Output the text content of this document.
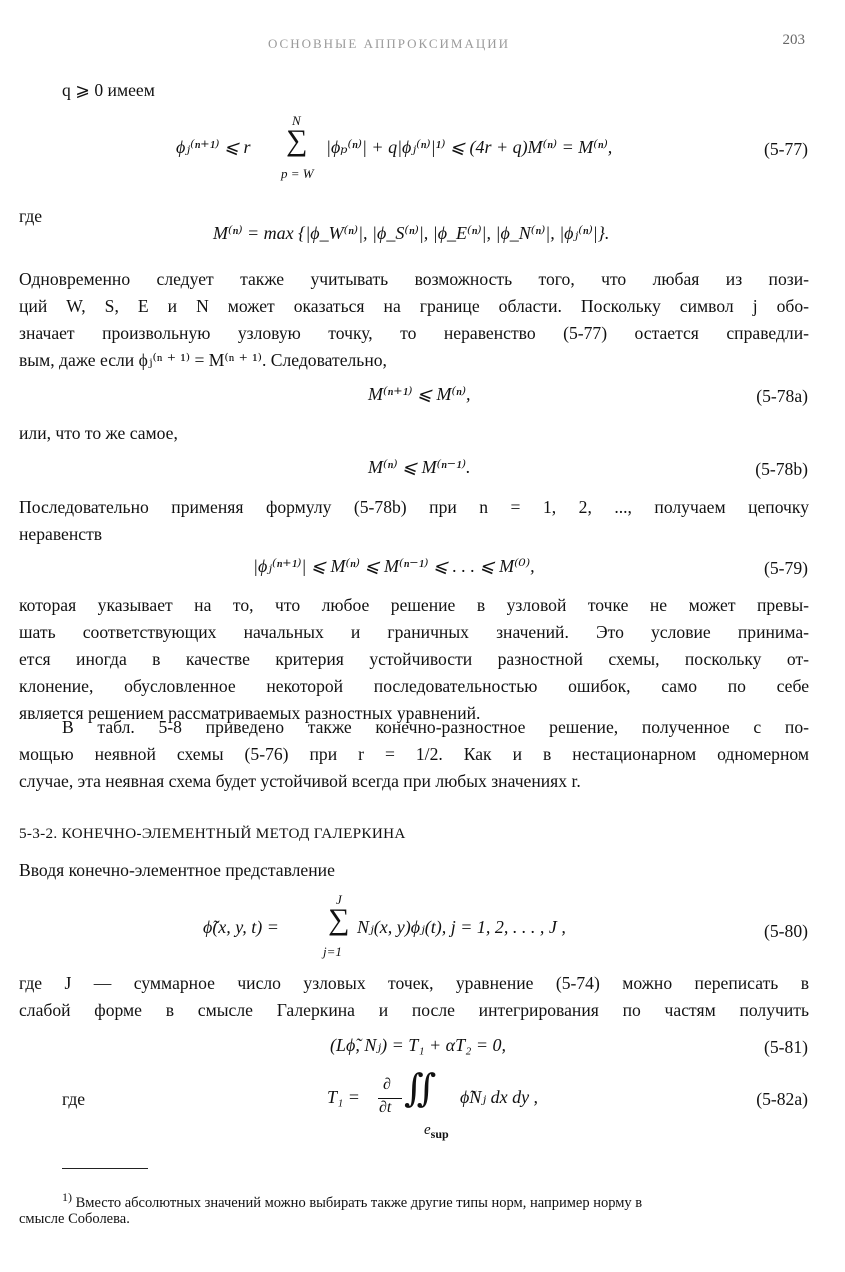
ОСНОВНЫЕ АППРОКСИМАЦИИ	203
q ⩾ 0 имеем
ϕⱼ⁽ⁿ⁺¹⁾ ⩽ r
N
∑
p = W
|ϕₚ⁽ⁿ⁾| + q|ϕⱼ⁽ⁿ⁾|¹⁾ ⩽ (4r + q)M⁽ⁿ⁾ = M⁽ⁿ⁾,	(5-77)
где
M⁽ⁿ⁾ = max {|ϕ_W⁽ⁿ⁾|, |ϕ_S⁽ⁿ⁾|, |ϕ_E⁽ⁿ⁾|, |ϕ_N⁽ⁿ⁾|, |ϕⱼ⁽ⁿ⁾|}.
Одновременно следует также учитывать возможность того, что любая из пози-
ций W, S, E и N может оказаться на границе области. Поскольку символ j обо-
значает произвольную узловую точку, то неравенство (5-77) остается справедли-
вым, даже если ϕⱼ⁽ⁿ ⁺ ¹⁾ = M⁽ⁿ ⁺ ¹⁾. Следовательно,
M⁽ⁿ⁺¹⁾ ⩽ M⁽ⁿ⁾,	(5-78a)
или, что то же самое,
M⁽ⁿ⁾ ⩽ M⁽ⁿ⁻¹⁾.	(5-78b)
Последовательно применяя формулу (5-78b) при n = 1, 2, ..., получаем цепочку
неравенств
|ϕⱼ⁽ⁿ⁺¹⁾| ⩽ M⁽ⁿ⁾ ⩽ M⁽ⁿ⁻¹⁾ ⩽ . . . ⩽ M⁽⁰⁾,	(5-79)
которая указывает на то, что любое решение в узловой точке не может превы-
шать соответствующих начальных и граничных значений. Это условие принима-
ется иногда в качестве критерия устойчивости разностной схемы, поскольку от-
клонение, обусловленное некоторой последовательностью ошибок, само по себе
является решением рассматриваемых разностных уравнений.
В табл. 5-8 приведено также конечно-разностное решение, полученное с по-
мощью неявной схемы (5-76) при r = 1/2. Как и в нестационарном одномерном
случае, эта неявная схема будет устойчивой всегда при любых значениях r.
5-3-2. КОНЕЧНО-ЭЛЕМЕНТНЫЙ МЕТОД ГАЛЕРКИНА
Вводя конечно-элементное представление
ϕ̃(x, y, t) =
J
∑
j=1
Nⱼ(x, y)ϕⱼ(t), j = 1, 2, . . . , J ,	(5-80)
где J — суммарное число узловых точек, уравнение (5-74) можно переписать в
слабой форме в смысле Галеркина и после интегрирования по частям получить
(Lϕ̃, Nⱼ) = T₁ + αT₂ = 0,	(5-81)
где	T₁ =
∂
∂t ∬ ϕ̃Nⱼ dx dy ,
$e_{sup}$
(5-82a)
$^{1)}$ Вместо абсолютных значений можно выбирать также другие типы норм, например норму в
смысле Соболева.
